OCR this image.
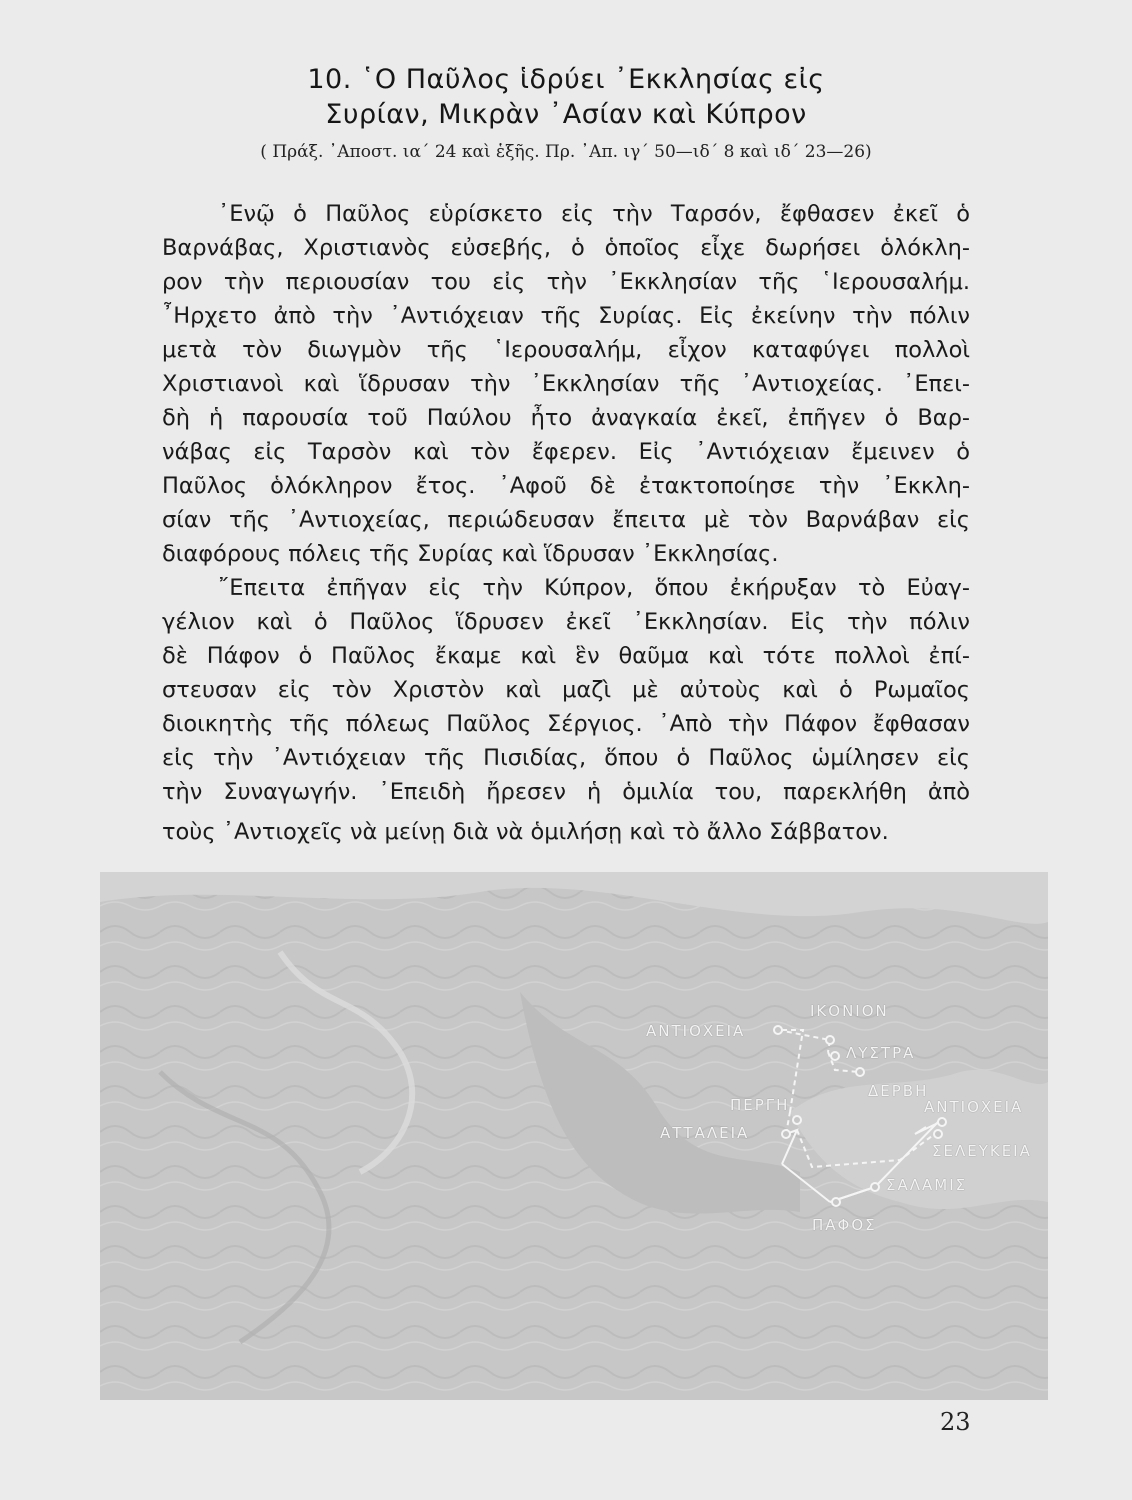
10. ῾Ο Παῦλος ἱδρύει ᾿Εκκλησίας εἰς
Συρίαν, Μικρὰν ᾿Ασίαν καὶ Κύπρον
( Πράξ. ᾿Αποστ. ια΄ 24 καὶ ἑξῆς. Πρ. ᾿Απ. ιγ΄ 50—ιδ΄ 8 καὶ ιδ΄ 23—26)
᾿Ενῷ ὁ Παῦλος εὑρίσκετο εἰς τὴν Ταρσόν, ἔφθασεν ἐκεῖ ὁ
Βαρνάβας, Χριστιανὸς εὐσεβής, ὁ ὁποῖος εἶχε δωρήσει ὁλόκλη-
ρον τὴν περιουσίαν του εἰς τὴν ᾿Εκκλησίαν τῆς ῾Ιερουσαλήμ.
῏Ηρχετο ἀπὸ τὴν ᾿Αντιόχειαν τῆς Συρίας. Εἰς ἐκείνην τὴν πόλιν
μετὰ τὸν διωγμὸν τῆς ῾Ιερουσαλήμ, εἶχον καταφύγει πολλοὶ
Χριστιανοὶ καὶ ἵδρυσαν τὴν ᾿Εκκλησίαν τῆς ᾿Αντιοχείας. ᾿Επει-
δὴ ἡ παρουσία τοῦ Παύλου ἦτο ἀναγκαία ἐκεῖ, ἐπῆγεν ὁ Βαρ-
νάβας εἰς Ταρσὸν καὶ τὸν ἔφερεν. Εἰς ᾿Αντιόχειαν ἔμεινεν ὁ
Παῦλος ὁλόκληρον ἔτος. ᾿Αφοῦ δὲ ἐτακτοποίησε τὴν ᾿Εκκλη-
σίαν τῆς ᾿Αντιοχείας, περιώδευσαν ἔπειτα μὲ τὸν Βαρνάβαν εἰς
διαφόρους πόλεις τῆς Συρίας καὶ ἵδρυσαν ᾿Εκκλησίας.
῎Επειτα ἐπῆγαν εἰς τὴν Κύπρον, ὅπου ἐκήρυξαν τὸ Εὐαγ-
γέλιον καὶ ὁ Παῦλος ἵδρυσεν ἐκεῖ ᾿Εκκλησίαν. Εἰς τὴν πόλιν
δὲ Πάφον ὁ Παῦλος ἔκαμε καὶ ἓν θαῦμα καὶ τότε πολλοὶ ἐπί-
στευσαν εἰς τὸν Χριστὸν καὶ μαζὶ μὲ αὐτοὺς καὶ ὁ Ρωμαῖος
διοικητὴς τῆς πόλεως Παῦλος Σέργιος. ᾿Απὸ τὴν Πάφον ἔφθασαν
εἰς τὴν ᾿Αντιόχειαν τῆς Πισιδίας, ὅπου ὁ Παῦλος ὡμίλησεν εἰς
τὴν Συναγωγήν. ᾿Επειδὴ ἤρεσεν ἡ ὁμιλία του, παρεκλήθη ἀπὸ
τοὺς ᾿Αντιοχεῖς νὰ μείνῃ διὰ νὰ ὁμιλήσῃ καὶ τὸ ἄλλο Σάββατον.
ΙΚΟΝΙΟΝ
ΑΝΤΙΟΧΕΙΑ
ΛΥΣΤΡΑ
ΔΕΡΒΗ
ΠΕΡΓΗ	ΑΝΤΙΟΧΕΙΑ
ΑΤΤΑΛΕΙΑ
ΣΕΛΕΥΚΕΙΑ
ΣΑΛΑΜΙΣ
ΠΑΦΟΣ
23
